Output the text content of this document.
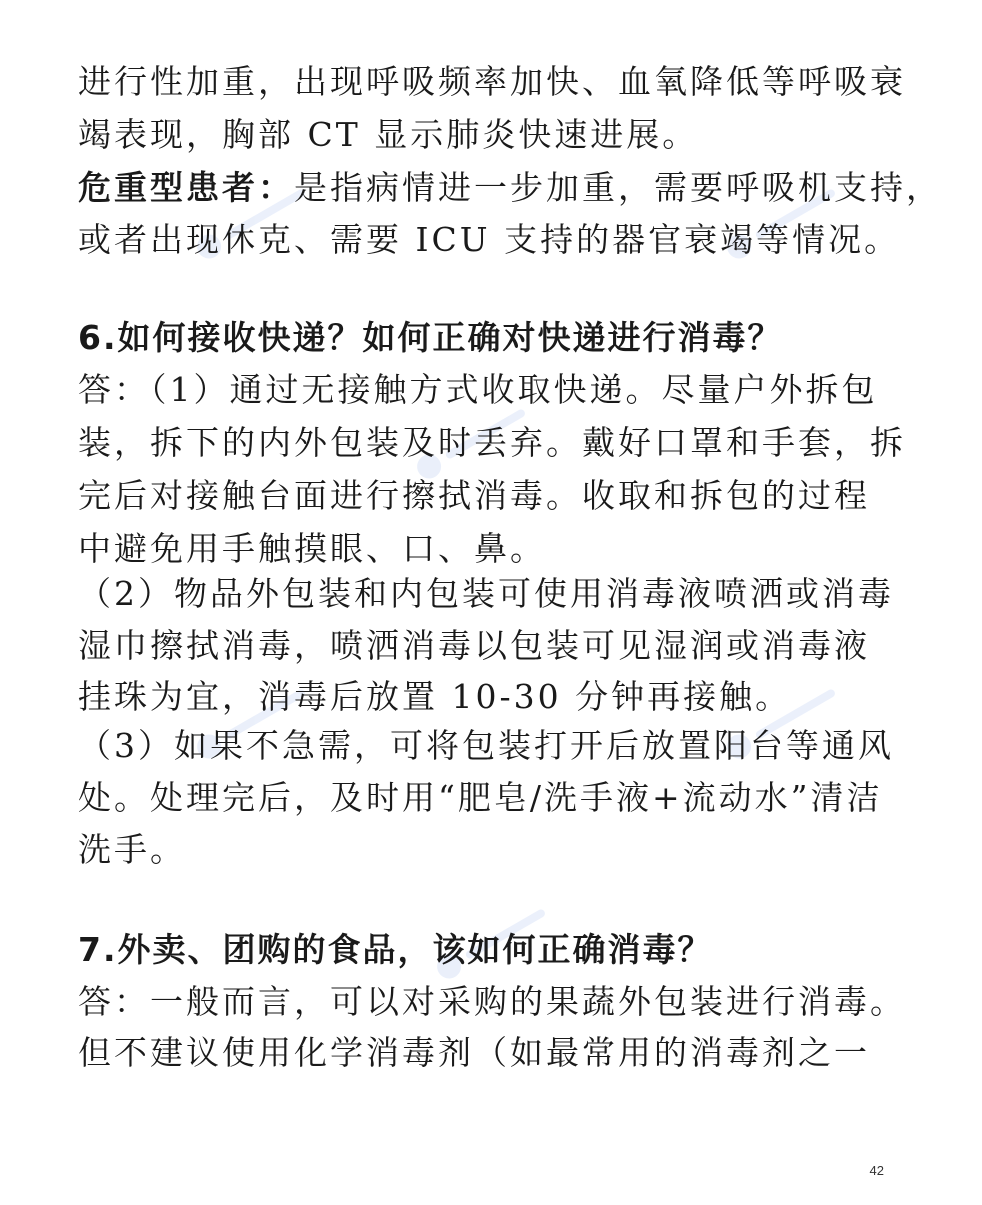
进行性加重，出现呼吸频率加快、血氧降低等呼吸衰
竭表现，胸部 CT 显示肺炎快速进展。
危重型患者：是指病情进一步加重，需要呼吸机支持，
或者出现休克、需要 ICU 支持的器官衰竭等情况。
6.如何接收快递？如何正确对快递进行消毒？
答：（1）通过无接触方式收取快递。尽量户外拆包
装，拆下的内外包装及时丢弃。戴好口罩和手套，拆
完后对接触台面进行擦拭消毒。收取和拆包的过程
中避免用手触摸眼、口、鼻。
（2）物品外包装和内包装可使用消毒液喷洒或消毒
湿巾擦拭消毒，喷洒消毒以包装可见湿润或消毒液
挂珠为宜，消毒后放置 10-30 分钟再接触。
（3）如果不急需，可将包装打开后放置阳台等通风
处。处理完后，及时用“肥皂/洗手液+流动水”清洁
洗手。
7.外卖、团购的食品，该如何正确消毒？
答：一般而言，可以对采购的果蔬外包装进行消毒。
但不建议使用化学消毒剂（如最常用的消毒剂之一
42
